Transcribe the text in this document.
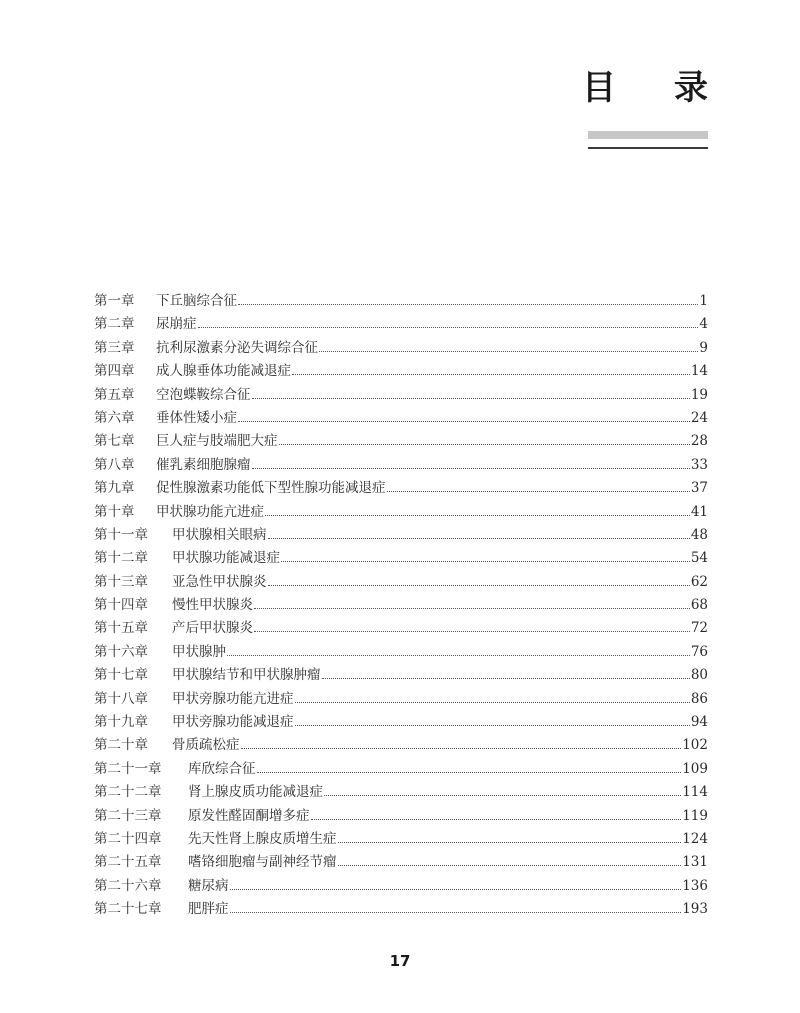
目 录
第一章	下丘脑综合征	1
第二章	尿崩症	4
第三章	抗利尿激素分泌失调综合征	9
第四章	成人腺垂体功能减退症	14
第五章	空泡蝶鞍综合征	19
第六章	垂体性矮小症	24
第七章	巨人症与肢端肥大症	28
第八章	催乳素细胞腺瘤	33
第九章	促性腺激素功能低下型性腺功能减退症	37
第十章	甲状腺功能亢进症	41
第十一章	甲状腺相关眼病	48
第十二章	甲状腺功能减退症	54
第十三章	亚急性甲状腺炎	62
第十四章	慢性甲状腺炎	68
第十五章	产后甲状腺炎	72
第十六章	甲状腺肿	76
第十七章	甲状腺结节和甲状腺肿瘤	80
第十八章	甲状旁腺功能亢进症	86
第十九章	甲状旁腺功能减退症	94
第二十章	骨质疏松症	102
第二十一章	库欣综合征	109
第二十二章	肾上腺皮质功能减退症	114
第二十三章	原发性醛固酮增多症	119
第二十四章	先天性肾上腺皮质增生症	124
第二十五章	嗜铬细胞瘤与副神经节瘤	131
第二十六章	糖尿病	136
第二十七章	肥胖症	193
17
